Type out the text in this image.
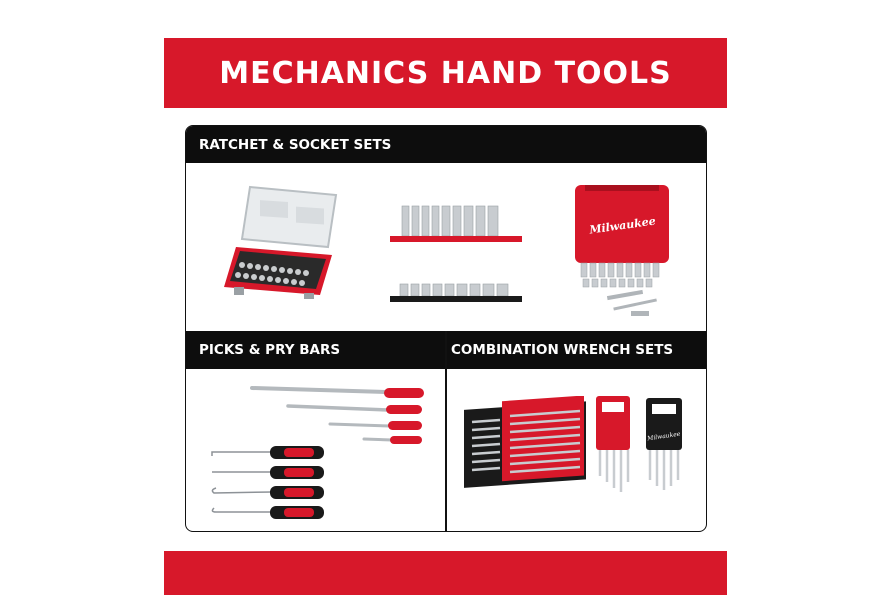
MECHANICS HAND TOOLS
RATCHET & SOCKET SETS
Milwaukee
PICKS & PRY BARS	COMBINATION WRENCH SETS
Milwaukee
